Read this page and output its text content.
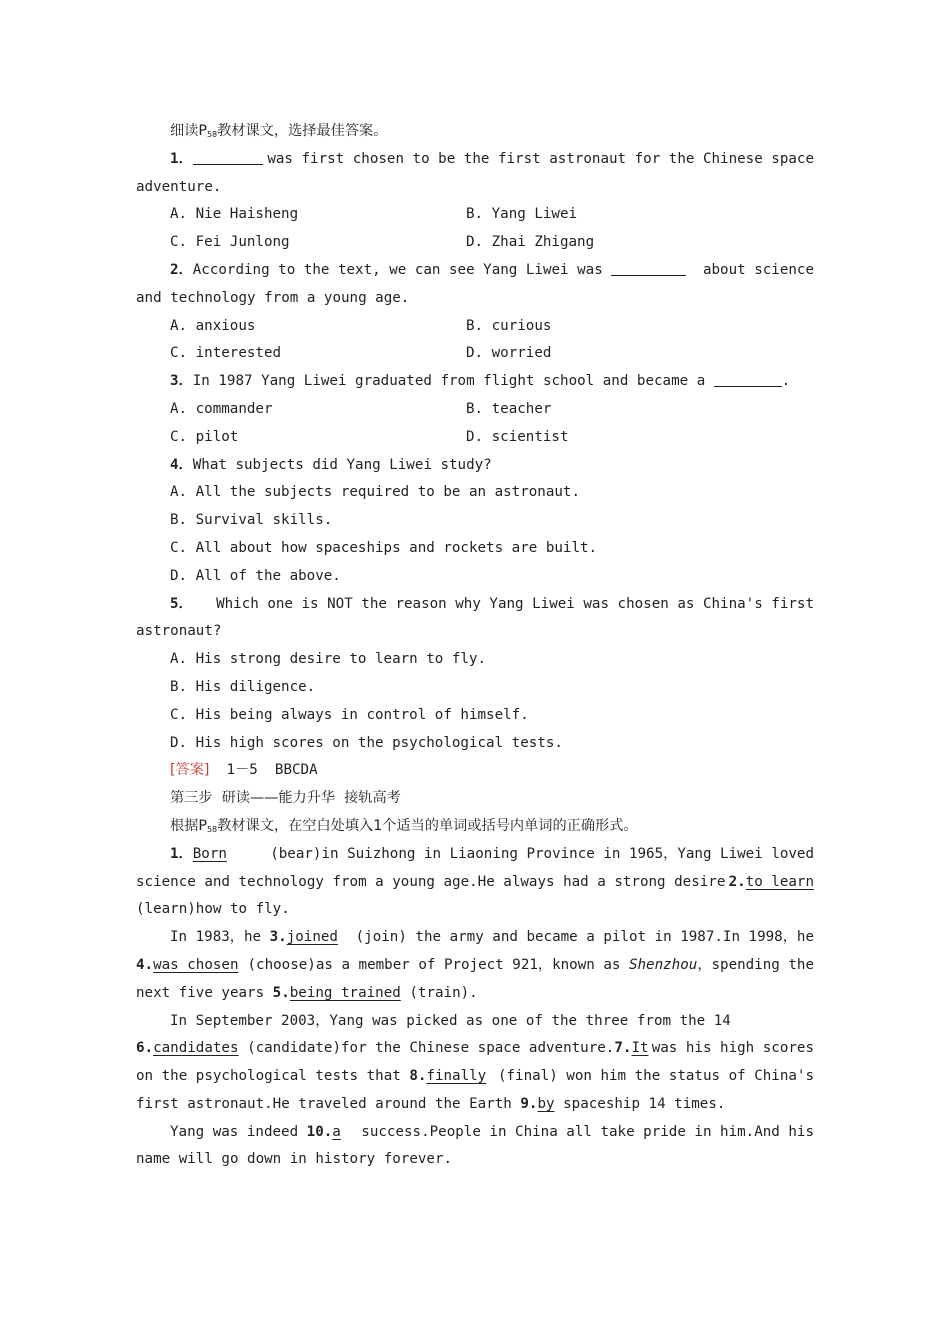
细读$P_{58}$教材课文，选择最佳答案。
1．	was first chosen to be the first astronaut for the Chinese space
adventure.
A. Nie Haisheng	B. Yang Liwei
C. Fei Junlong	D. Zhai Zhigang
2．According to the text, we can see Yang Liwei was	about science
and technology from a young age.
A. anxious	B. curious
C. interested	D. worried
3．In 1987 Yang Liwei graduated from flight school and became a	.
A. commander	B. teacher
C. pilot	D. scientist
4．What subjects did Yang Liwei study?
A. All the subjects required to be an astronaut.
B. Survival skills.
C. All about how spaceships and rockets are built.
D. All of the above.
5． Which one is NOT the reason why Yang Liwei was chosen as China's first
astronaut?
A. His strong desire to learn to fly.
B. His diligence.
C. His being always in control of himself.
D. His high scores on the psychological tests.
[答案] 1－5  BBCDA
第三步  研读——能力升华  接轨高考
根据$P_{58}$教材课文，在空白处填入1个适当的单词或括号内单词的正确形式。
1．Born	(bear)in Suizhong in Liaoning Province in 1965，Yang Liwei loved
science and technology from a young age.He always had a strong desire 2.to learn
(learn)how to fly.
In 1983，he 3.joined (join) the army and became a pilot in 1987.In 1998，he
4.was chosen (choose)as a member of Project 921，known as Shenzhou，spending the
next five years 5.being trained (train).
In September 2003，Yang was picked as one of the three from the 14
6.candidates (candidate)for the Chinese space adventure.7.It was his high scores
on the psychological tests that 8.finally (final) won him the status of China's
first astronaut.He traveled around the Earth 9.by spaceship 14 times.
Yang was indeed 10.a success.People in China all take pride in him.And his
name will go down in history forever.
